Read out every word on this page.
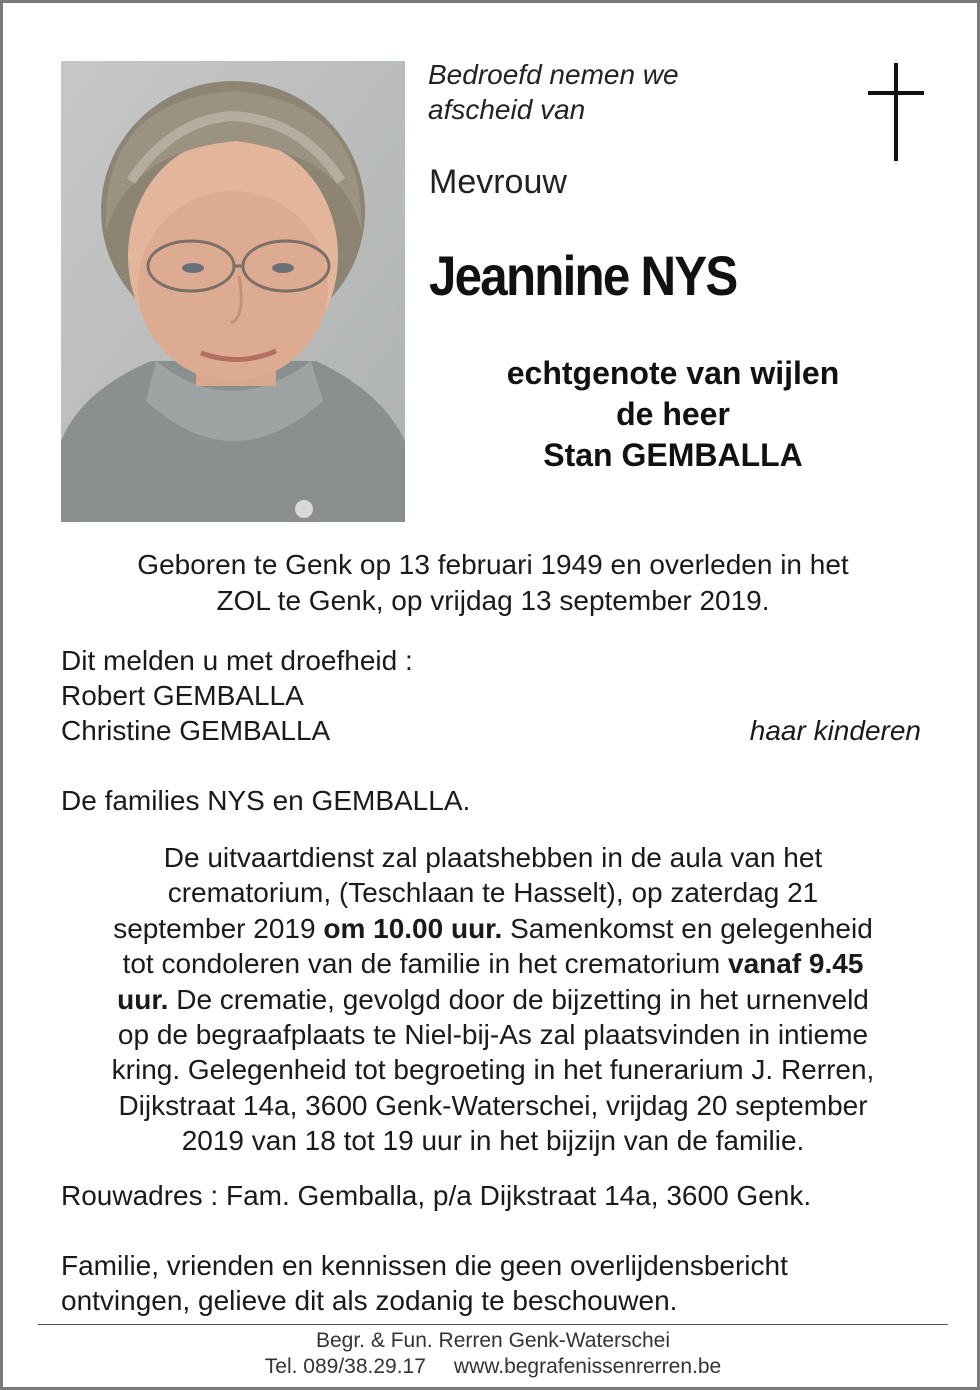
Bedroefd nemen we
afscheid van
Mevrouw
Jeannine NYS
echtgenote van wijlen
de heer
Stan GEMBALLA
Geboren te Genk op 13 februari 1949 en overleden in het
ZOL te Genk, op vrijdag 13 september 2019.
Dit melden u met droefheid :
Robert GEMBALLA
Christine GEMBALLA	haar kinderen
De families NYS en GEMBALLA.
De uitvaartdienst zal plaatshebben in de aula van het
crematorium, (Teschlaan te Hasselt), op zaterdag 21
september 2019 om 10.00 uur. Samenkomst en gelegenheid
tot condoleren van de familie in het crematorium vanaf 9.45
uur. De crematie, gevolgd door de bijzetting in het urnenveld
op de begraafplaats te Niel-bij-As zal plaatsvinden in intieme
kring. Gelegenheid tot begroeting in het funerarium J. Rerren,
Dijkstraat 14a, 3600 Genk-Waterschei, vrijdag 20 september
2019 van 18 tot 19 uur in het bijzijn van de familie.
Rouwadres : Fam. Gemballa, p/a Dijkstraat 14a, 3600 Genk.
Familie, vrienden en kennissen die geen overlijdensbericht
ontvingen, gelieve dit als zodanig te beschouwen.
Begr. & Fun. Rerren Genk-Waterschei
Tel. 089/38.29.17 www.begrafenissenrerren.be
